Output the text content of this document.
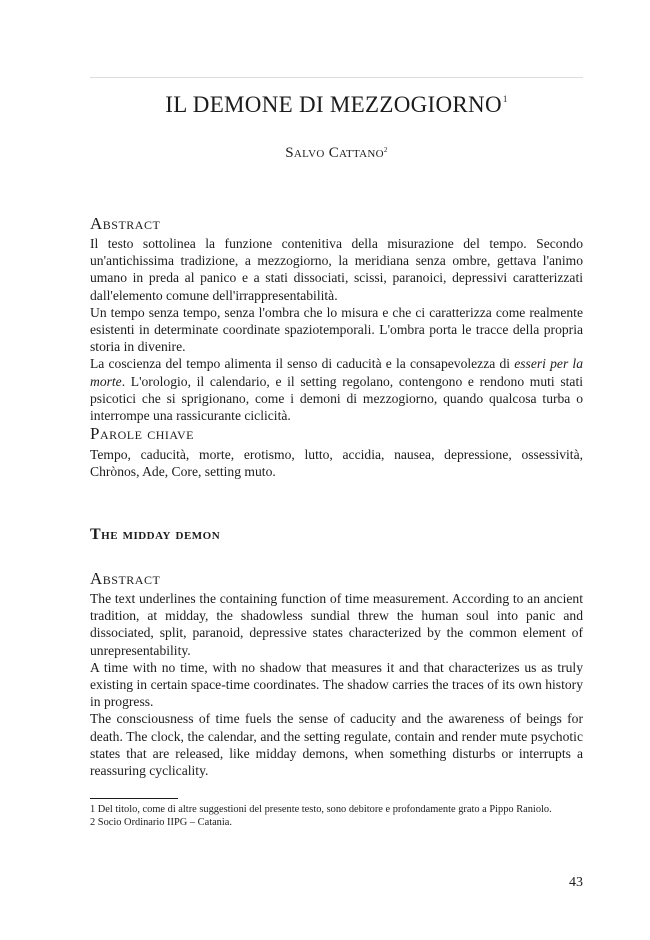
IL DEMONE DI MEZZOGIORNO$^1$
Salvo Cattano$^2$
Abstract

Il testo sottolinea la funzione contenitiva della misurazione del tempo. Secondo un'antichissima tradizione, a mezzogiorno, la meridiana senza ombre, gettava l'animo umano in preda al panico e a stati dissociati, scissi, paranoici, depressivi caratterizzati dall'elemento comune dell'irrappresentabilità.

Un tempo senza tempo, senza l'ombra che lo misura e che ci caratterizza come realmente esistenti in determinate coordinate spaziotemporali. L'ombra porta le tracce della propria storia in divenire.

La coscienza del tempo alimenta il senso di caducità e la consapevolezza di esseri per la morte. L'orologio, il calendario, e il setting regolano, contengono e rendono muti stati psicotici che si sprigionano, come i demoni di mezzogiorno, quando qualcosa turba o interrompe una rassicurante ciclicità.

Parole chiave

Tempo, caducità, morte, erotismo, lutto, accidia, nausea, depressione, ossessività, Chrònos, Ade, Core, setting muto.

The midday demon
Abstract

The text underlines the containing function of time measurement. According to an ancient tradition, at midday, the shadowless sundial threw the human soul into panic and dissociated, split, paranoid, depressive states characterized by the common element of unrepresentability.

A time with no time, with no shadow that measures it and that characterizes us as truly existing in certain space-time coordinates. The shadow carries the traces of its own history in progress.

The consciousness of time fuels the sense of caducity and the awareness of beings for death. The clock, the calendar, and the setting regulate, contain and render mute psychotic states that are released, like midday demons, when something disturbs or interrupts a reassuring cyclicality.

1 Del titolo, come di altre suggestioni del presente testo, sono debitore e profondamente grato a Pippo Raniolo.

2 Socio Ordinario IIPG – Catania.

43
